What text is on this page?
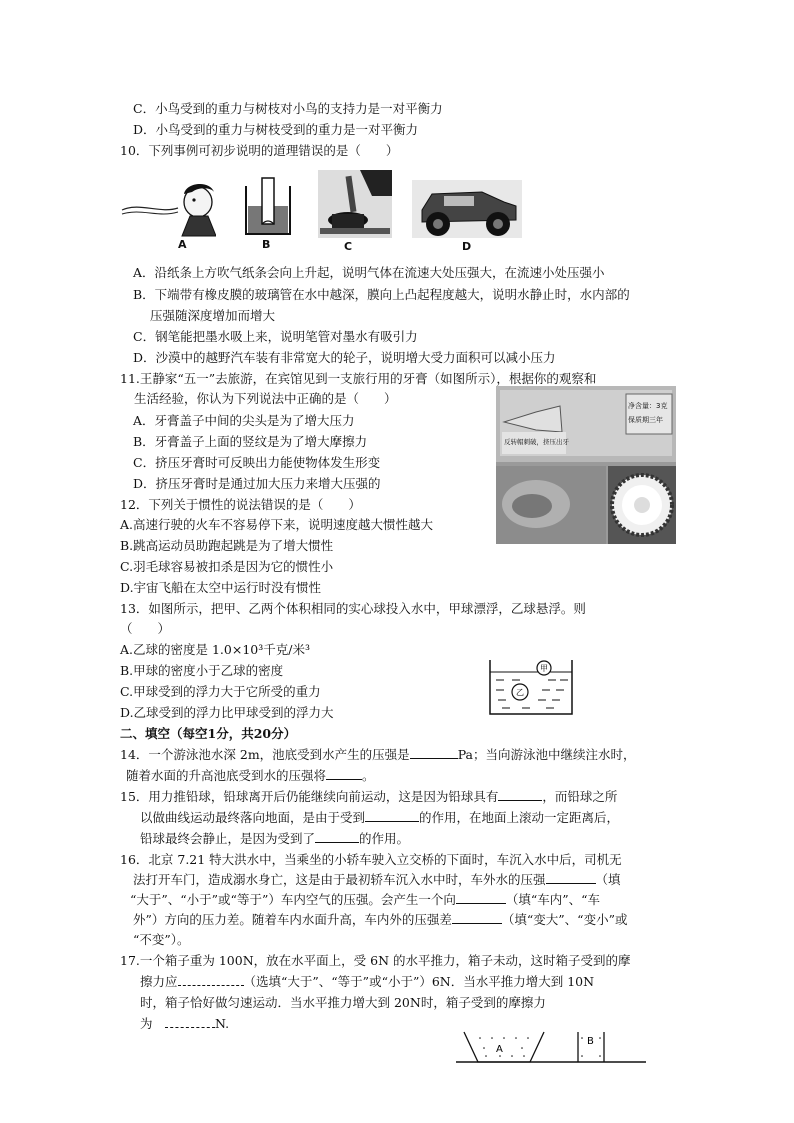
C．小鸟受到的重力与树枝对小鸟的支持力是一对平衡力
D．小鸟受到的重力与树枝受到的重力是一对平衡力
10．下列事例可初步说明的道理错误的是（　　）
A	B	C	D
A．沿纸条上方吹气纸条会向上升起，说明气体在流速大处压强大，在流速小处压强小
B．下端带有橡皮膜的玻璃管在水中越深，膜向上凸起程度越大，说明水静止时，水内部的
压强随深度增加而增大
C．钢笔能把墨水吸上来，说明笔管对墨水有吸引力
D．沙漠中的越野汽车装有非常宽大的轮子，说明增大受力面积可以减小压力
11.王静家“五一”去旅游，在宾馆见到一支旅行用的牙膏（如图所示），根据你的观察和
生活经验，你认为下列说法中正确的是（　　）	净含量：3克
保质期三年
反转帽刺破，挤压出牙
A．牙膏盖子中间的尖头是为了增大压力
B．牙膏盖子上面的竖纹是为了增大摩擦力
C．挤压牙膏时可反映出力能使物体发生形变
D．挤压牙膏时是通过加大压力来增大压强的
12．下列关于惯性的说法错误的是（　　）
A.高速行驶的火车不容易停下来，说明速度越大惯性越大
B.跳高运动员助跑起跳是为了增大惯性
C.羽毛球容易被扣杀是因为它的惯性小
D.宇宙飞船在太空中运行时没有惯性
13．如图所示，把甲、乙两个体积相同的实心球投入水中，甲球漂浮，乙球悬浮。则
（　　）
A.乙球的密度是 1.0×10³千克/米³
B.甲球的密度小于乙球的密度
C.甲球受到的浮力大于它所受的重力
D.乙球受到的浮力比甲球受到的浮力大
甲
乙
二、填空（每空1分，共20分）
14．一个游泳池水深 2m，池底受到水产生的压强是	Pa；当向游泳池中继续注水时，
随着水面的升高池底受到水的压强将	。
15．用力推铅球，铅球离开后仍能继续向前运动，这是因为铅球具有	，而铅球之所
以做曲线运动最终落向地面，是由于受到	的作用，在地面上滚动一定距离后，
铅球最终会静止，是因为受到了	的作用。
16．北京 7.21 特大洪水中，当乘坐的小轿车驶入立交桥的下面时，车沉入水中后，司机无
法打开车门，造成溺水身亡，这是由于最初轿车沉入水中时，车外水的压强	（填
“大于”、“小于”或“等于”）车内空气的压强。会产生一个向	（填“车内”、“车
外”）方向的压力差。随着车内水面升高，车内外的压强差	（填“变大”、“变小”或
“不变”）。
17.一个箱子重为 100N，放在水平面上，受 6N 的水平推力，箱子未动，这时箱子受到的摩
擦力应	（选填“大于”、“等于”或“小于”）6N．当水平推力增大到 10N
时，箱子恰好做匀速运动．当水平推力增大到 20N时，箱子受到的摩擦力
为　	N.
A
B
